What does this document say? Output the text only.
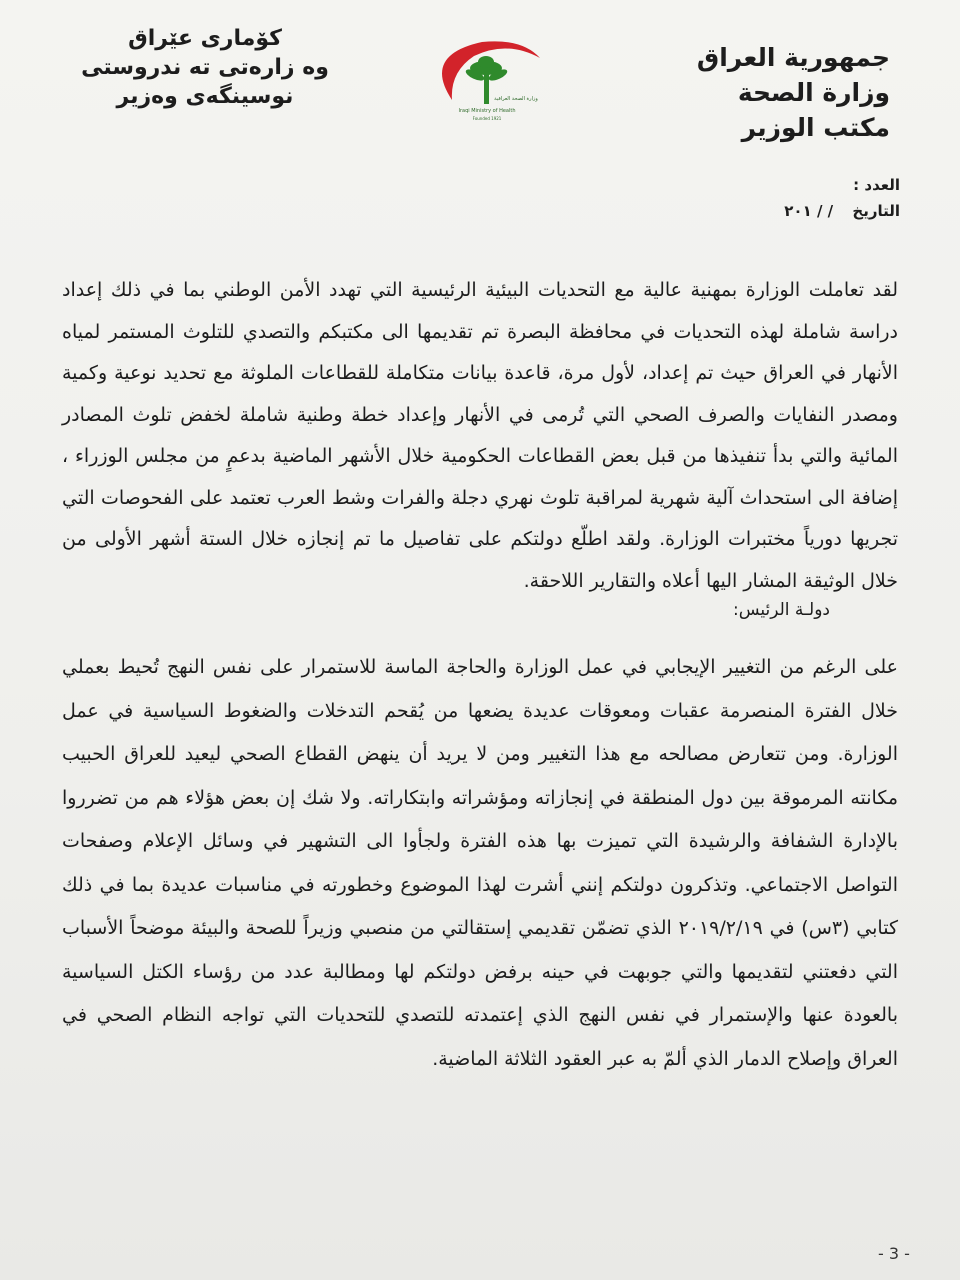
جمهورية العراق
وزارة الصحة
مكتب الوزير
وزارة الصحة العراقية
Iraqi Ministry of Health
Founded 1921
کۆماری عێراق
وه زارەتی ته ندروستی
نوسینگەی وەزیر
العدد :
التاريخ / / ٢٠١
لقد تعاملت الوزارة بمهنية عالية مع التحديات البيئية الرئيسية التي تهدد الأمن الوطني بما في ذلك إعداد دراسة شاملة لهذه التحديات في محافظة البصرة تم تقديمها الى مكتبكم والتصدي للتلوث المستمر لمياه الأنهار في العراق حيث تم إعداد، لأول مرة، قاعدة بيانات متكاملة للقطاعات الملوثة مع تحديد نوعية وكمية ومصدر النفايات والصرف الصحي التي تُرمى في الأنهار وإعداد خطة وطنية شاملة لخفض تلوث المصادر المائية والتي بدأ تنفيذها من قبل بعض القطاعات الحكومية خلال الأشهر الماضية بدعمٍ من مجلس الوزراء ، إضافة الى استحداث آلية شهرية لمراقبة تلوث نهري دجلة والفرات وشط العرب تعتمد على الفحوصات التي تجريها دورياً مختبرات الوزارة. ولقد اطلّع دولتكم على تفاصيل ما تم إنجازه خلال الستة أشهر الأولى من خلال الوثيقة المشار اليها أعلاه والتقارير اللاحقة.
دولـة الرئيس:
على الرغم من التغيير الإيجابي في عمل الوزارة والحاجة الماسة للاستمرار على نفس النهج تُحيط بعملي خلال الفترة المنصرمة عقبات ومعوقات عديدة يضعها من يُقحم التدخلات والضغوط السياسية في عمل الوزارة. ومن تتعارض مصالحه مع هذا التغيير ومن لا يريد أن ينهض القطاع الصحي ليعيد للعراق الحبيب مكانته المرموقة بين دول المنطقة في إنجازاته ومؤشراته وابتكاراته. ولا شك إن بعض هؤلاء هم من تضرروا بالإدارة الشفافة والرشيدة التي تميزت بها هذه الفترة ولجأوا الى التشهير في وسائل الإعلام وصفحات التواصل الاجتماعي. وتذكرون دولتكم إنني أشرت لهذا الموضوع وخطورته في مناسبات عديدة بما في ذلك كتابي (٣س) في ٢٠١٩/٢/١٩ الذي تضمّن تقديمي إستقالتي من منصبي وزيراً للصحة والبيئة موضحاً الأسباب التي دفعتني لتقديمها والتي جوبهت في حينه برفض دولتكم لها ومطالبة عدد من رؤساء الكتل السياسية بالعودة عنها والإستمرار في نفس النهج الذي إعتمدته للتصدي للتحديات التي تواجه النظام الصحي في العراق وإصلاح الدمار الذي ألمّ به عبر العقود الثلاثة الماضية.
- 3 -
